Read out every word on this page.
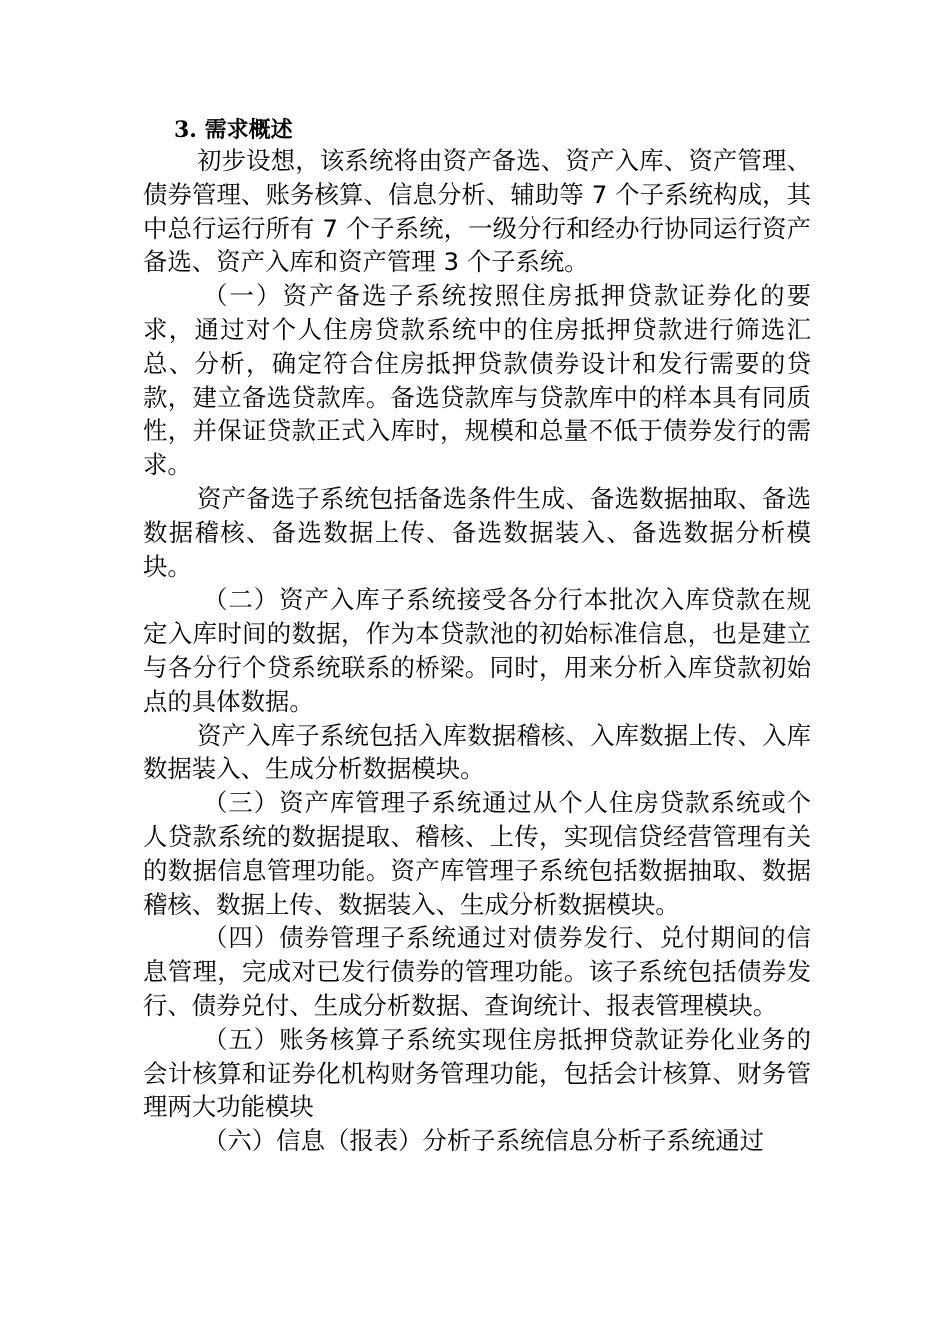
3. 需求概述

初步设想，该系统将由资产备选、资产入库、资产管理、债券管理、账务核算、信息分析、辅助等 7 个子系统构成，其中总行运行所有 7 个子系统，一级分行和经办行协同运行资产备选、资产入库和资产管理 3 个子系统。

（一）资产备选子系统按照住房抵押贷款证券化的要求，通过对个人住房贷款系统中的住房抵押贷款进行筛选汇总、分析，确定符合住房抵押贷款债券设计和发行需要的贷款，建立备选贷款库。备选贷款库与贷款库中的样本具有同质性，并保证贷款正式入库时，规模和总量不低于债券发行的需求。

资产备选子系统包括备选条件生成、备选数据抽取、备选数据稽核、备选数据上传、备选数据装入、备选数据分析模块。

（二）资产入库子系统接受各分行本批次入库贷款在规定入库时间的数据，作为本贷款池的初始标准信息，也是建立与各分行个贷系统联系的桥梁。同时，用来分析入库贷款初始点的具体数据。

资产入库子系统包括入库数据稽核、入库数据上传、入库数据装入、生成分析数据模块。

（三）资产库管理子系统通过从个人住房贷款系统或个人贷款系统的数据提取、稽核、上传，实现信贷经营管理有关的数据信息管理功能。资产库管理子系统包括数据抽取、数据稽核、数据上传、数据装入、生成分析数据模块。

（四）债券管理子系统通过对债券发行、兑付期间的信息管理，完成对已发行债券的管理功能。该子系统包括债券发行、债券兑付、生成分析数据、查询统计、报表管理模块。

（五）账务核算子系统实现住房抵押贷款证券化业务的会计核算和证券化机构财务管理功能，包括会计核算、财务管理两大功能模块

（六）信息（报表）分析子系统信息分析子系统通过
